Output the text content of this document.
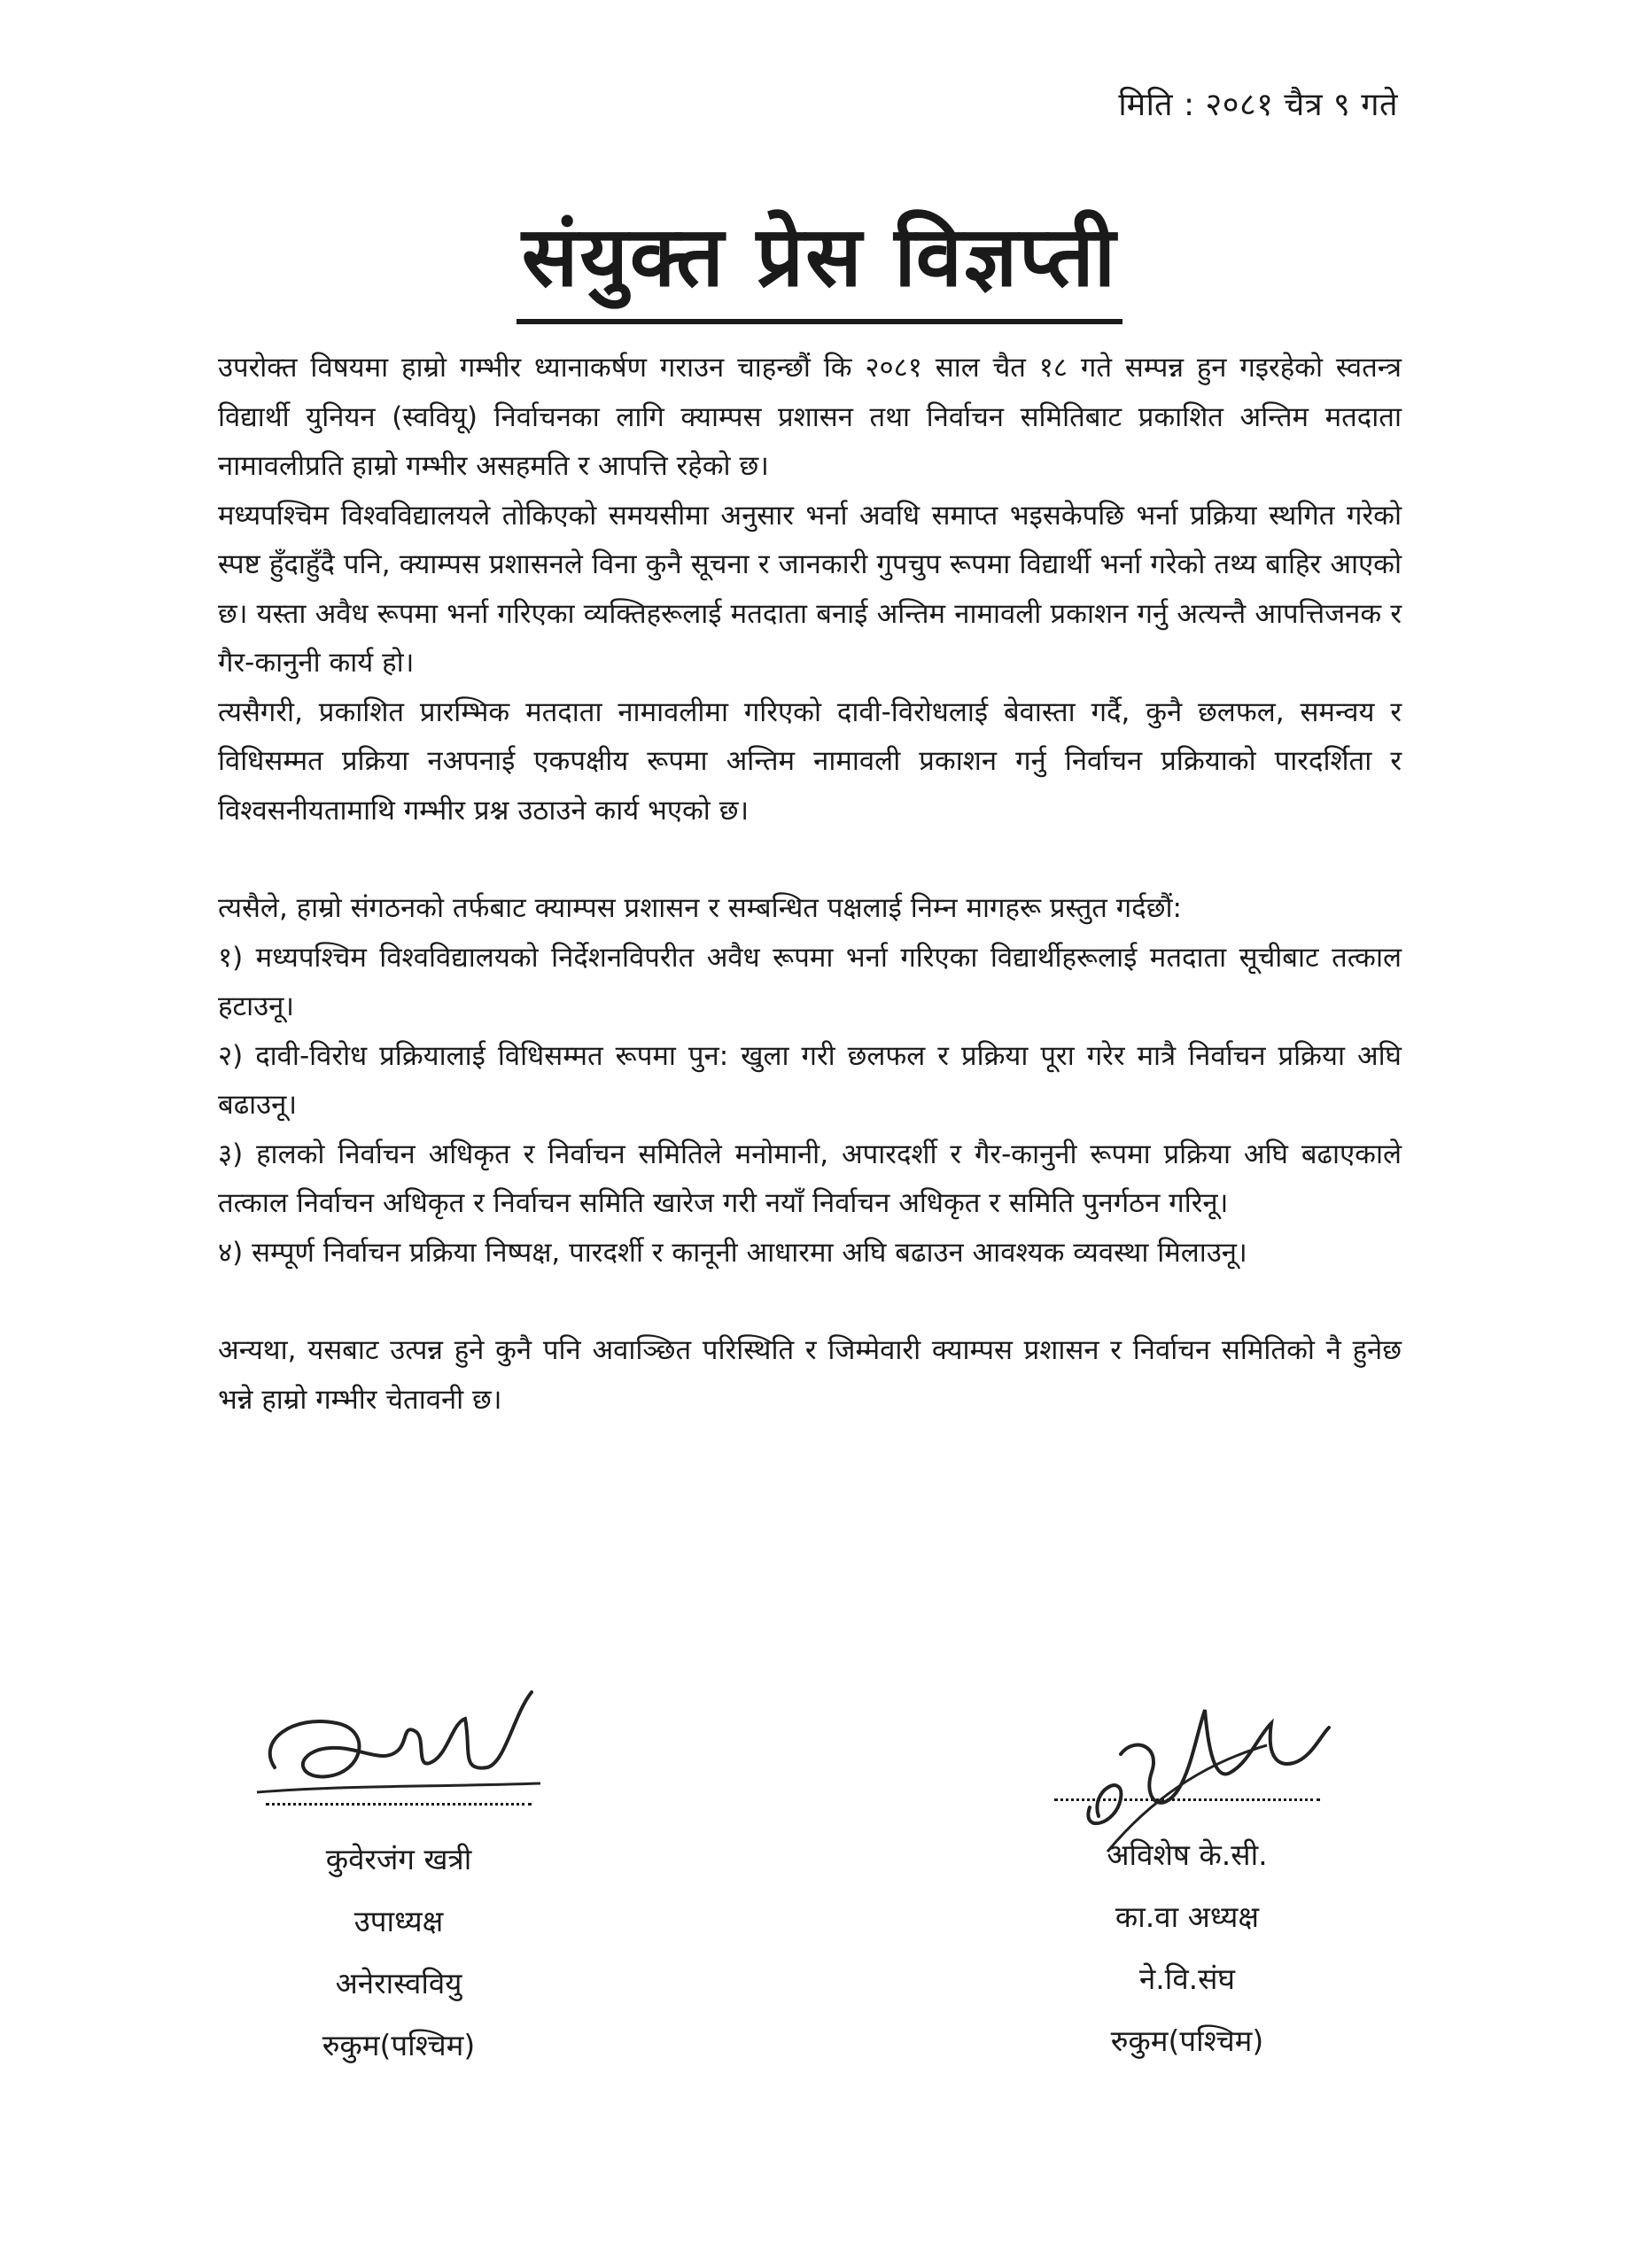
मिति : २०८१ चैत्र ९ गते
संयुक्त प्रेस विज्ञप्ती

उपरोक्त विषयमा हाम्रो गम्भीर ध्यानाकर्षण गराउन चाहन्छौं कि २०८१ साल चैत १८ गते सम्पन्न हुन गइरहेको स्वतन्त्र विद्यार्थी युनियन (स्ववियू) निर्वाचनका लागि क्याम्पस प्रशासन तथा निर्वाचन समितिबाट प्रकाशित अन्तिम मतदाता नामावलीप्रति हाम्रो गम्भीर असहमति र आपत्ति रहेको छ।

मध्यपश्चिम विश्वविद्यालयले तोकिएको समयसीमा अनुसार भर्ना अवधि समाप्त भइसकेपछि भर्ना प्रक्रिया स्थगित गरेको स्पष्ट हुँदाहुँदै पनि, क्याम्पस प्रशासनले विना कुनै सूचना र जानकारी गुपचुप रूपमा विद्यार्थी भर्ना गरेको तथ्य बाहिर आएको छ। यस्ता अवैध रूपमा भर्ना गरिएका व्यक्तिहरूलाई मतदाता बनाई अन्तिम नामावली प्रकाशन गर्नु अत्यन्तै आपत्तिजनक र गैर-कानुनी कार्य हो।

त्यसैगरी, प्रकाशित प्रारम्भिक मतदाता नामावलीमा गरिएको दावी-विरोधलाई बेवास्ता गर्दै, कुनै छलफल, समन्वय र विधिसम्मत प्रक्रिया नअपनाई एकपक्षीय रूपमा अन्तिम नामावली प्रकाशन गर्नु निर्वाचन प्रक्रियाको पारदर्शिता र विश्वसनीयतामाथि गम्भीर प्रश्न उठाउने कार्य भएको छ।

त्यसैले, हाम्रो संगठनको तर्फबाट क्याम्पस प्रशासन र सम्बन्धित पक्षलाई निम्न मागहरू प्रस्तुत गर्दछौं:

१) मध्यपश्चिम विश्वविद्यालयको निर्देशनविपरीत अवैध रूपमा भर्ना गरिएका विद्यार्थीहरूलाई मतदाता सूचीबाट तत्काल हटाउनू।

२) दावी-विरोध प्रक्रियालाई विधिसम्मत रूपमा पुन: खुला गरी छलफल र प्रक्रिया पूरा गरेर मात्रै निर्वाचन प्रक्रिया अघि बढाउनू।

३) हालको निर्वाचन अधिकृत र निर्वाचन समितिले मनोमानी, अपारदर्शी र गैर-कानुनी रूपमा प्रक्रिया अघि बढाएकाले तत्काल निर्वाचन अधिकृत र निर्वाचन समिति खारेज गरी नयाँ निर्वाचन अधिकृत र समिति पुनर्गठन गरिनू।

४) सम्पूर्ण निर्वाचन प्रक्रिया निष्पक्ष, पारदर्शी र कानूनी आधारमा अघि बढाउन आवश्यक व्यवस्था मिलाउनू।

अन्यथा, यसबाट उत्पन्न हुने कुनै पनि अवाञ्छित परिस्थिति र जिम्मेवारी क्याम्पस प्रशासन र निर्वाचन समितिको नै हुनेछ भन्ने हाम्रो गम्भीर चेतावनी छ।

कुवेरजंग खत्री
उपाध्यक्ष
अनेरास्ववियु
रुकुम(पश्चिम)
अविशेष के.सी.
का.वा अध्यक्ष
ने.वि.संघ
रुकुम(पश्चिम)
